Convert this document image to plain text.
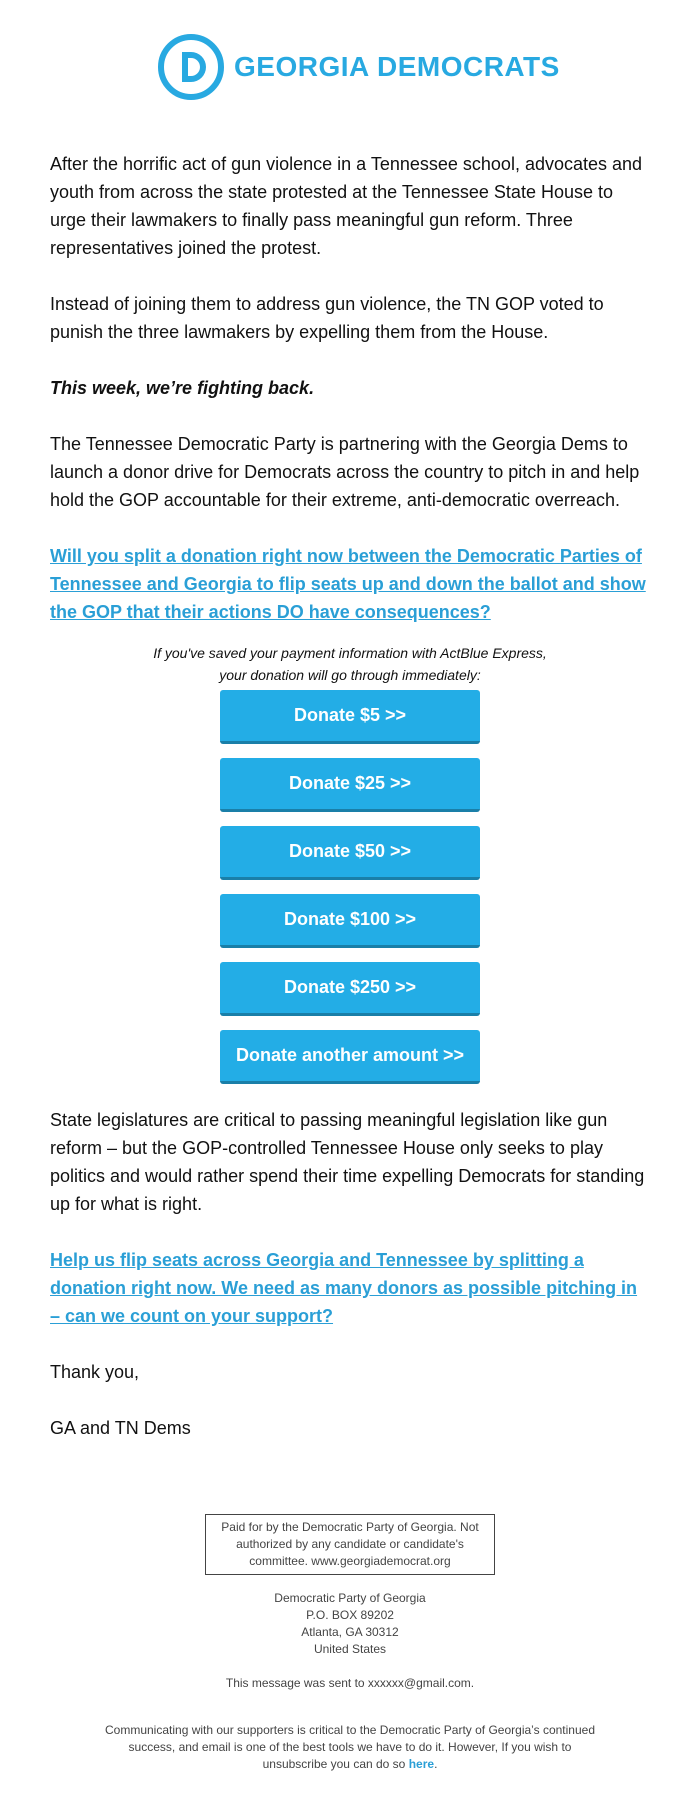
GEORGIA DEMOCRATS

After the horrific act of gun violence in a Tennessee school, advocates and youth from across the state protested at the Tennessee State House to urge their lawmakers to finally pass meaningful gun reform. Three representatives joined the protest.

Instead of joining them to address gun violence, the TN GOP voted to punish the three lawmakers by expelling them from the House.

This week, we’re fighting back.

The Tennessee Democratic Party is partnering with the Georgia Dems to launch a donor drive for Democrats across the country to pitch in and help hold the GOP accountable for their extreme, anti-democratic overreach.

Will you split a donation right now between the Democratic Parties of Tennessee and Georgia to flip seats up and down the ballot and show the GOP that their actions DO have consequences?

If you've saved your payment information with ActBlue Express,

your donation will go through immediately:

Donate $5 >>
Donate $25 >>
Donate $50 >>
Donate $100 >>
Donate $250 >>
Donate another amount >>

State legislatures are critical to passing meaningful legislation like gun reform – but the GOP-controlled Tennessee House only seeks to play politics and would rather spend their time expelling Democrats for standing up for what is right.

Help us flip seats across Georgia and Tennessee by splitting a donation right now. We need as many donors as possible pitching in – can we count on your support?

Thank you,

GA and TN Dems

Paid for by the Democratic Party of Georgia. Not authorized by any candidate or candidate's committee. www.georgiademocrat.org
Democratic Party of Georgia
P.O. BOX 89202
Atlanta, GA 30312
United States
This message was sent to xxxxxx@gmail.com.
Communicating with our supporters is critical to the Democratic Party of Georgia’s continued success, and email is one of the best tools we have to do it. However, If you wish to unsubscribe you can do so here.
